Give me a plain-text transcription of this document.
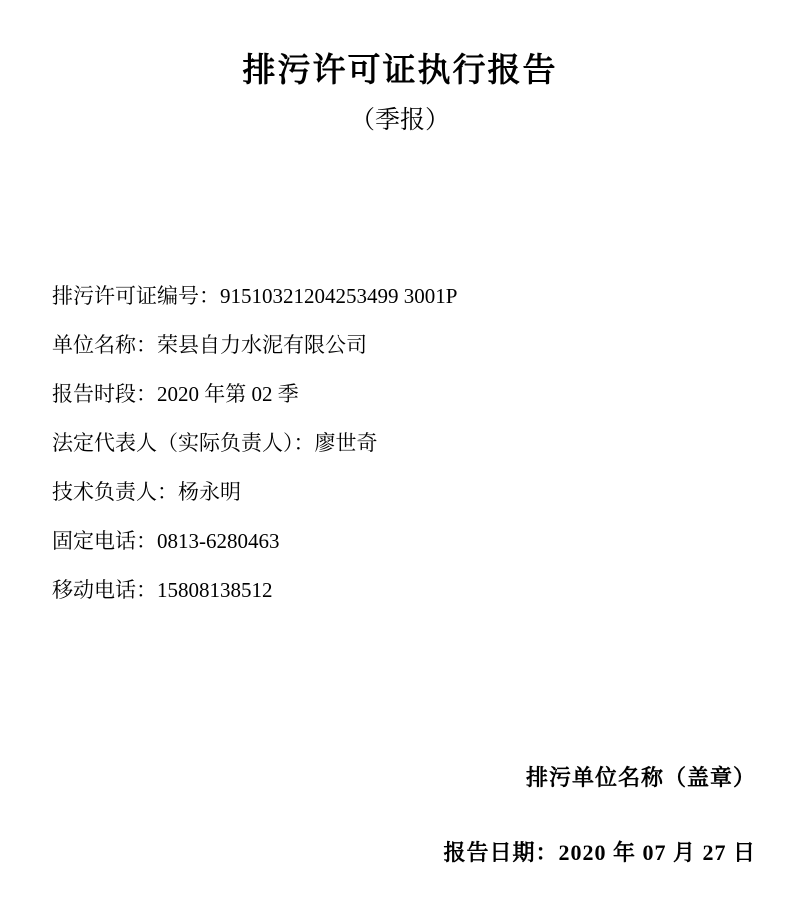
排污许可证执行报告
（季报）
排污许可证编号：91510321204253499 3001P
单位名称：荣县自力水泥有限公司
报告时段：2020 年第 02 季
法定代表人（实际负责人）：廖世奇
技术负责人：杨永明
固定电话：0813-6280463
移动电话：15808138512
排污单位名称（盖章）
报告日期：2020 年 07 月 27 日
